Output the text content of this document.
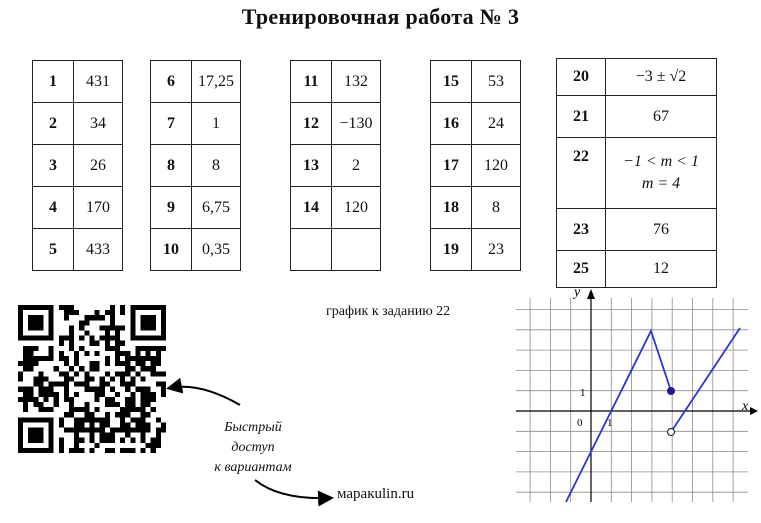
Тренировочная работа № 3
1	431
2	34
3	26
4	170
5	433
6	17,25
7	1
8	8
9	6,75
10	0,35
11	132
12	−130
13	2
14	120

15	53
16	24
17	120
18	8
19	23
20	−3 ± √2
21	67
22	−1 < m < 1
m = 4

23	76
25	12
Быстрый
доступ
к вариантам
маракulin.ru
график к заданию 22
x
y
0 1
1
